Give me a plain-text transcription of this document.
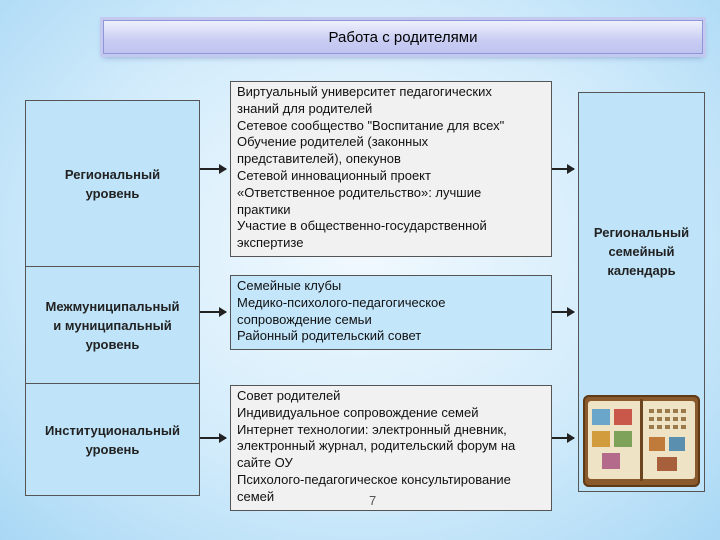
Работа с родителями
Региональный
уровень
Межмуниципальный
и муниципальный
уровень
Институциональный
уровень
Виртуальный университет педагогических
знаний для родителей
Сетевое сообщество "Воспитание для всех"
Обучение родителей (законных
представителей), опекунов
Сетевой инновационный проект
«Ответственное родительство»: лучшие
практики
Участие в общественно-государственной
экспертизе
Семейные клубы
Медико-психолого-педагогическое
сопровождение семьи
Районный родительский совет
Совет родителей
Индивидуальное сопровождение семей
Интернет технологии: электронный дневник,
электронный журнал, родительский форум на
сайте ОУ
Психолого-педагогическое консультирование
семей	7
Региональный
семейный
календарь
